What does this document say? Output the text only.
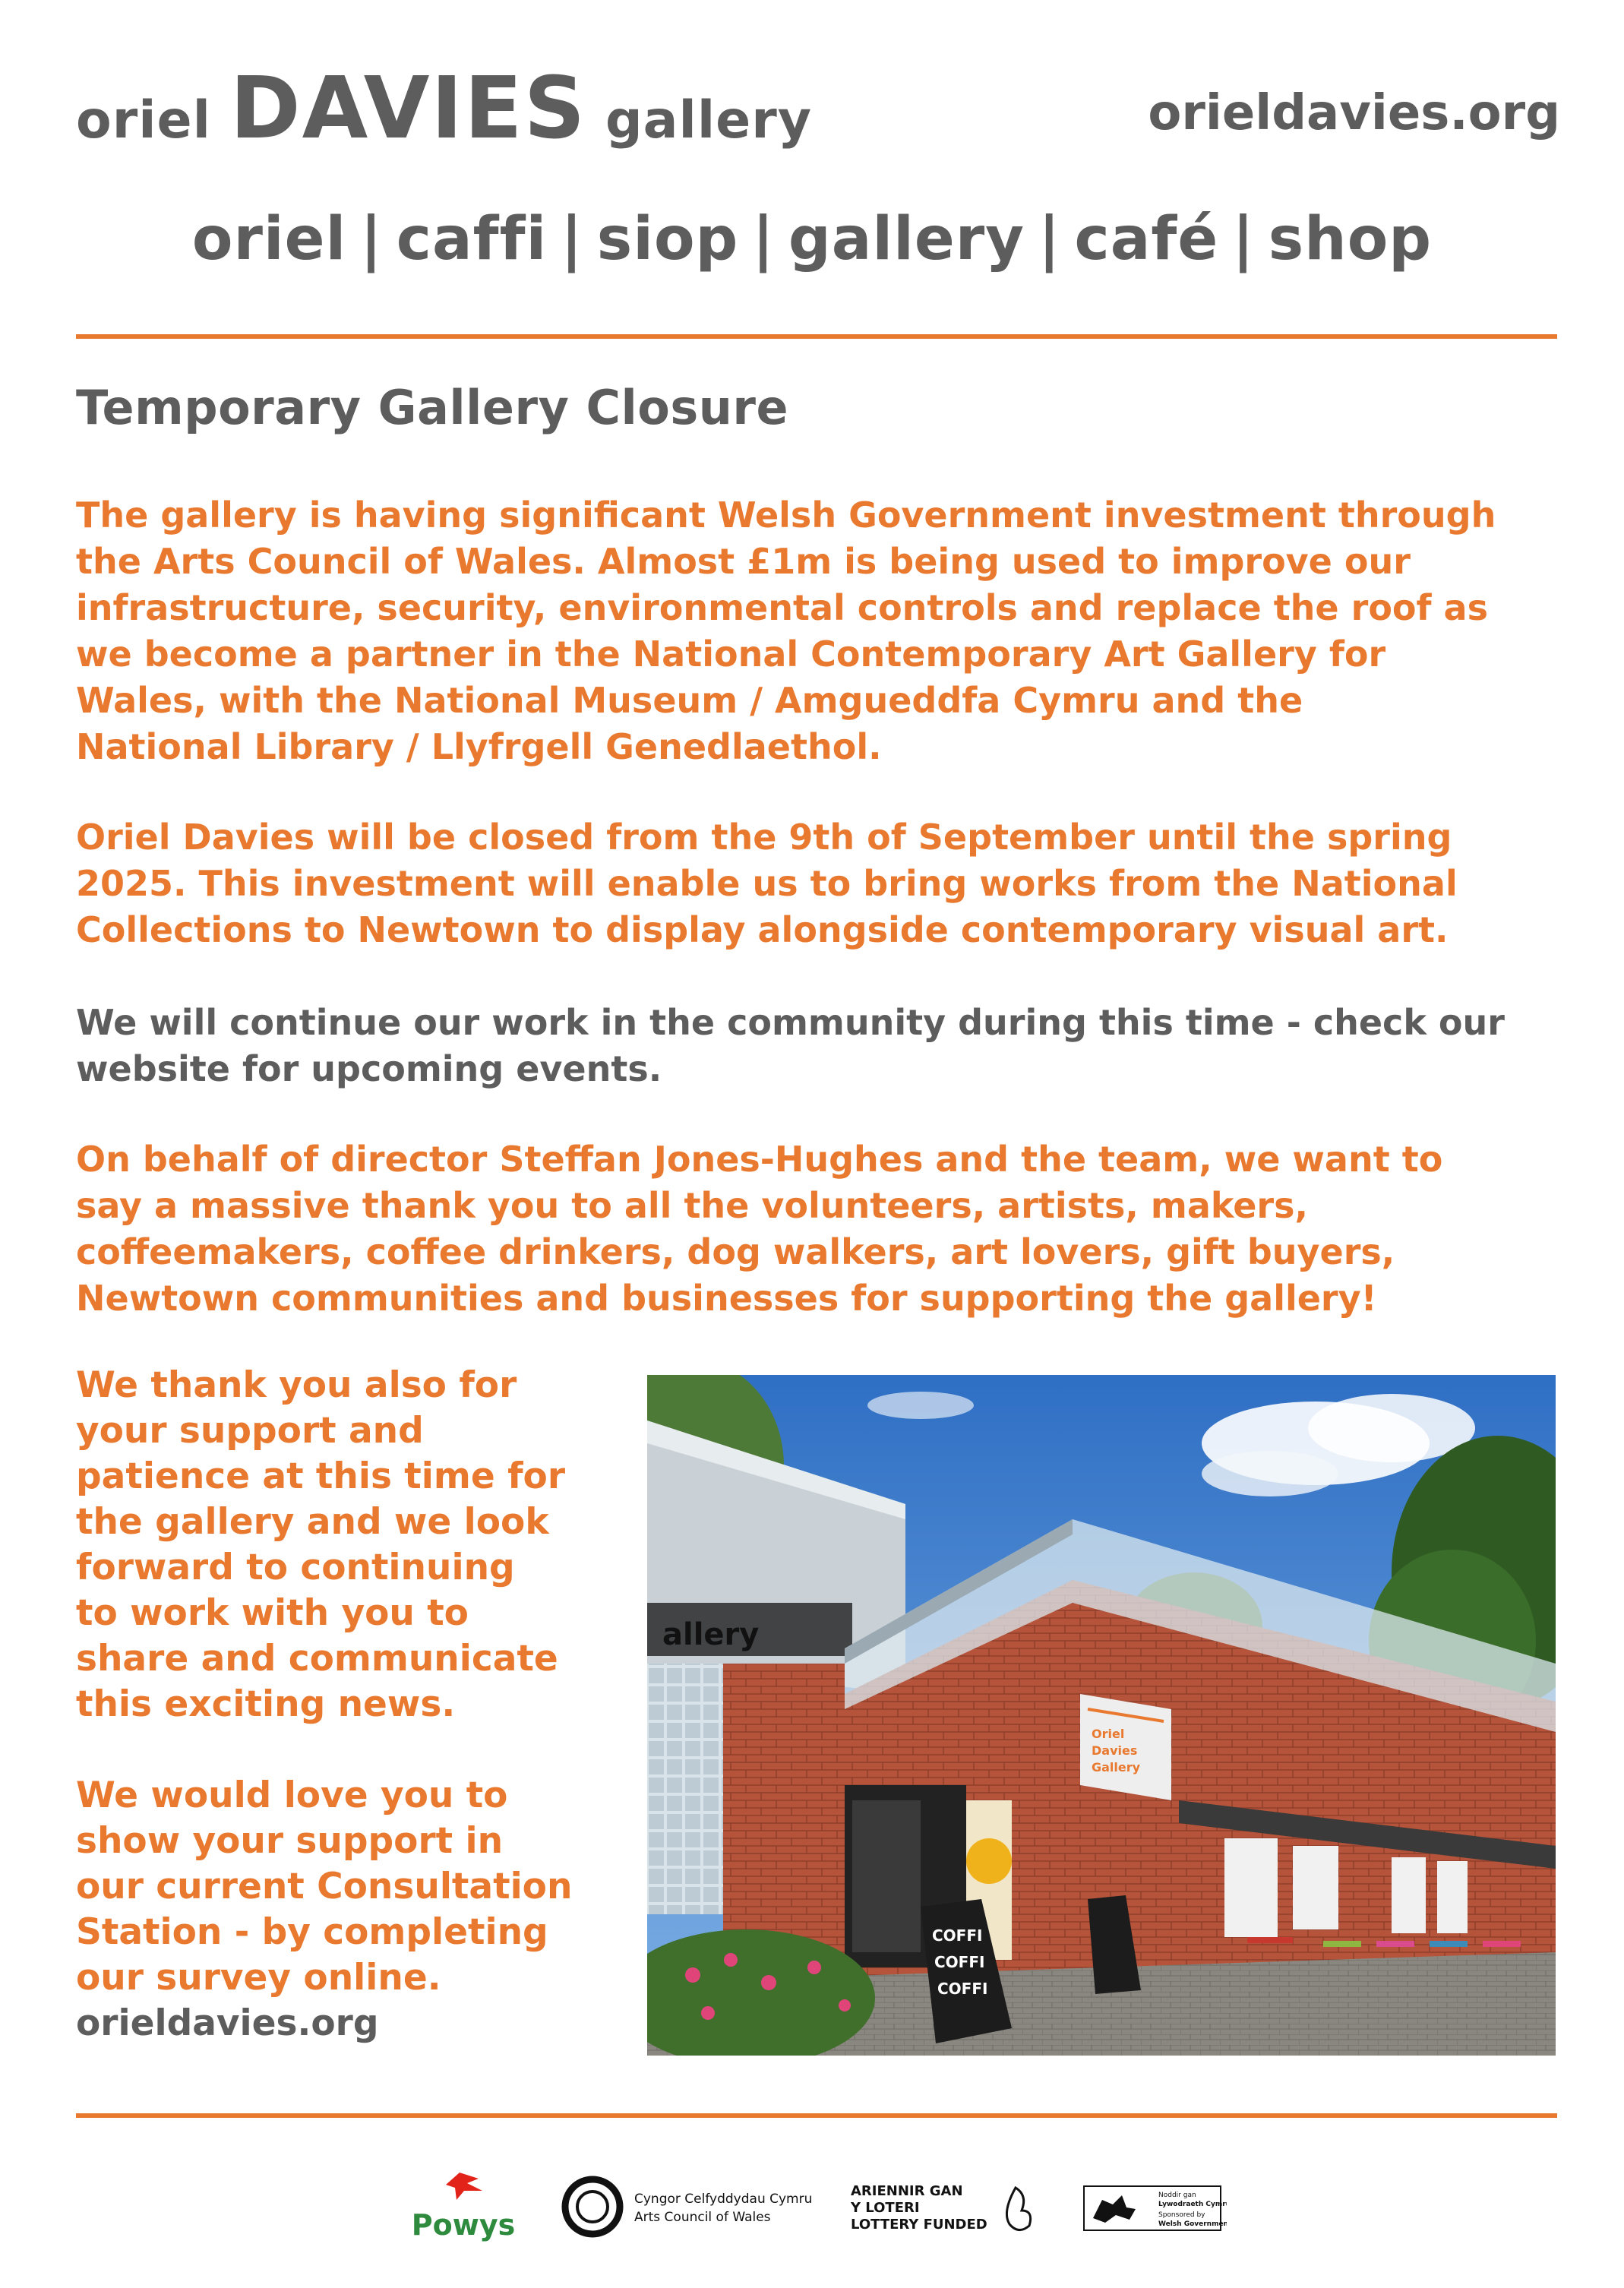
oriel DAVIES gallery	orieldavies.org
oriel | caffi | siop | gallery | café | shop
Temporary Gallery Closure
The gallery is having significant Welsh Government investment through
the Arts Council of Wales. Almost £1m is being used to improve our
infrastructure, security, environmental controls and replace the roof as
we become a partner in the National Contemporary Art Gallery for
Wales, with the National Museum / Amgueddfa Cymru and the
National Library / Llyfrgell Genedlaethol.
Oriel Davies will be closed from the 9th of September until the spring
2025. This investment will enable us to bring works from the National
Collections to Newtown to display alongside contemporary visual art.
We will continue our work in the community during this time - check our
website for upcoming events.
On behalf of director Steffan Jones-Hughes and the team, we want to
say a massive thank you to all the volunteers, artists, makers,
coffeemakers, coffee drinkers, dog walkers, art lovers, gift buyers,
Newtown communities and businesses for supporting the gallery!
We thank you also for
your support and
patience at this time for
the gallery and we look
forward to continuing
to work with you to
share and communicate
this exciting news.
We would love you to
show your support in
our current Consultation
Station - by completing
our survey online.
orieldavies.org
allery
Oriel
Davies
Gallery
COFFI
COFFI
COFFI
Powys
Cyngor Celfyddydau Cymru
Arts Council of Wales
ARIENNIR GAN
Y LOTERI
LOTTERY FUNDED
Noddir gan
Lywodraeth Cymru
Sponsored by
Welsh Government
